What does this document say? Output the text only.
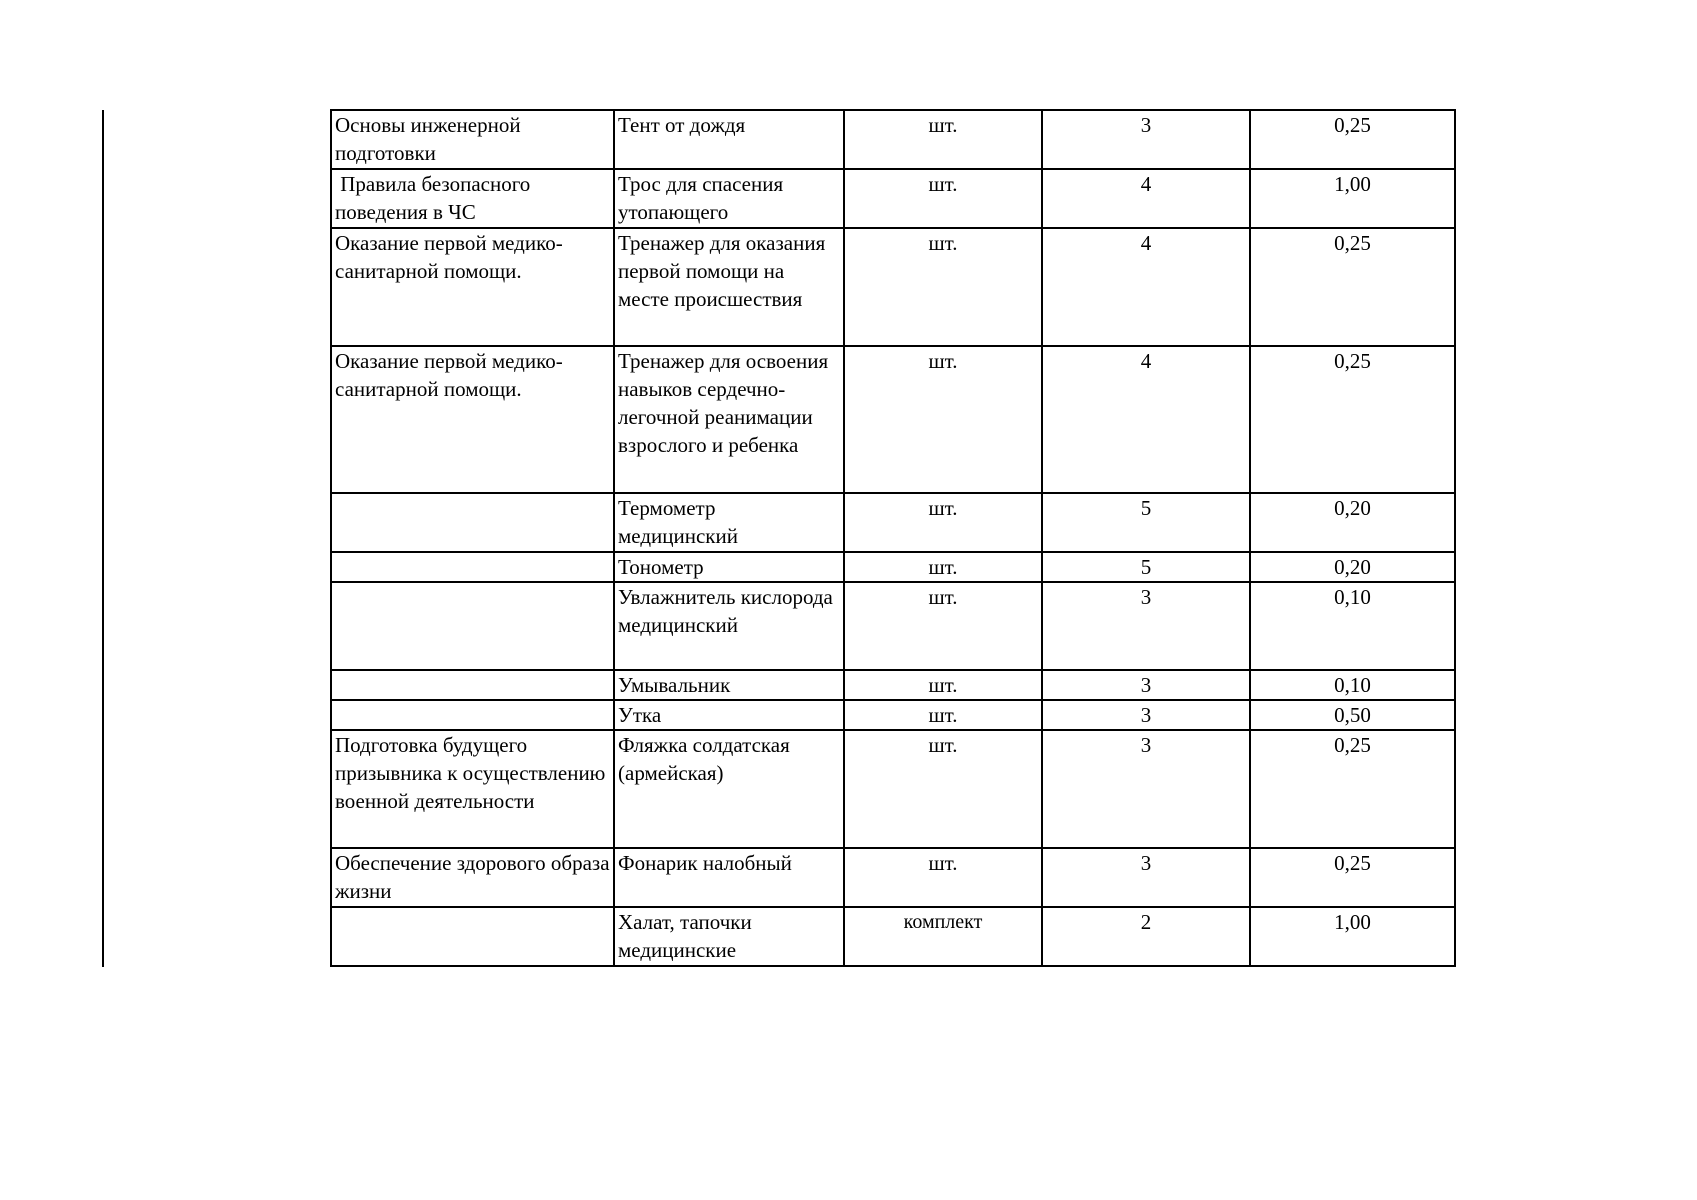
Основы инженерной подготовки	Тент от дождя	шт.	3	0,25
Правила безопасного поведения в ЧС	Трос для спасения утопающего	шт.	4	1,00
Оказание первой медико-санитарной помощи.	Тренажер для оказания первой помощи на месте происшествия	шт.	4	0,25
Оказание первой медико-санитарной помощи.	Тренажер для освоения навыков сердечно-легочной реанимации взрослого и ребенка	шт.	4	0,25
	Термометр медицинский	шт.	5	0,20
	Тонометр	шт.	5	0,20
	Увлажнитель кислорода медицинский	шт.	3	0,10
	Умывальник	шт.	3	0,10
	Утка	шт.	3	0,50
Подготовка будущего призывника к осуществлению военной деятельности	Фляжка солдатская (армейская)	шт.	3	0,25
Обеспечение здорового образа жизни	Фонарик налобный	шт.	3	0,25
	Халат, тапочки медицинские	комплект	2	1,00
